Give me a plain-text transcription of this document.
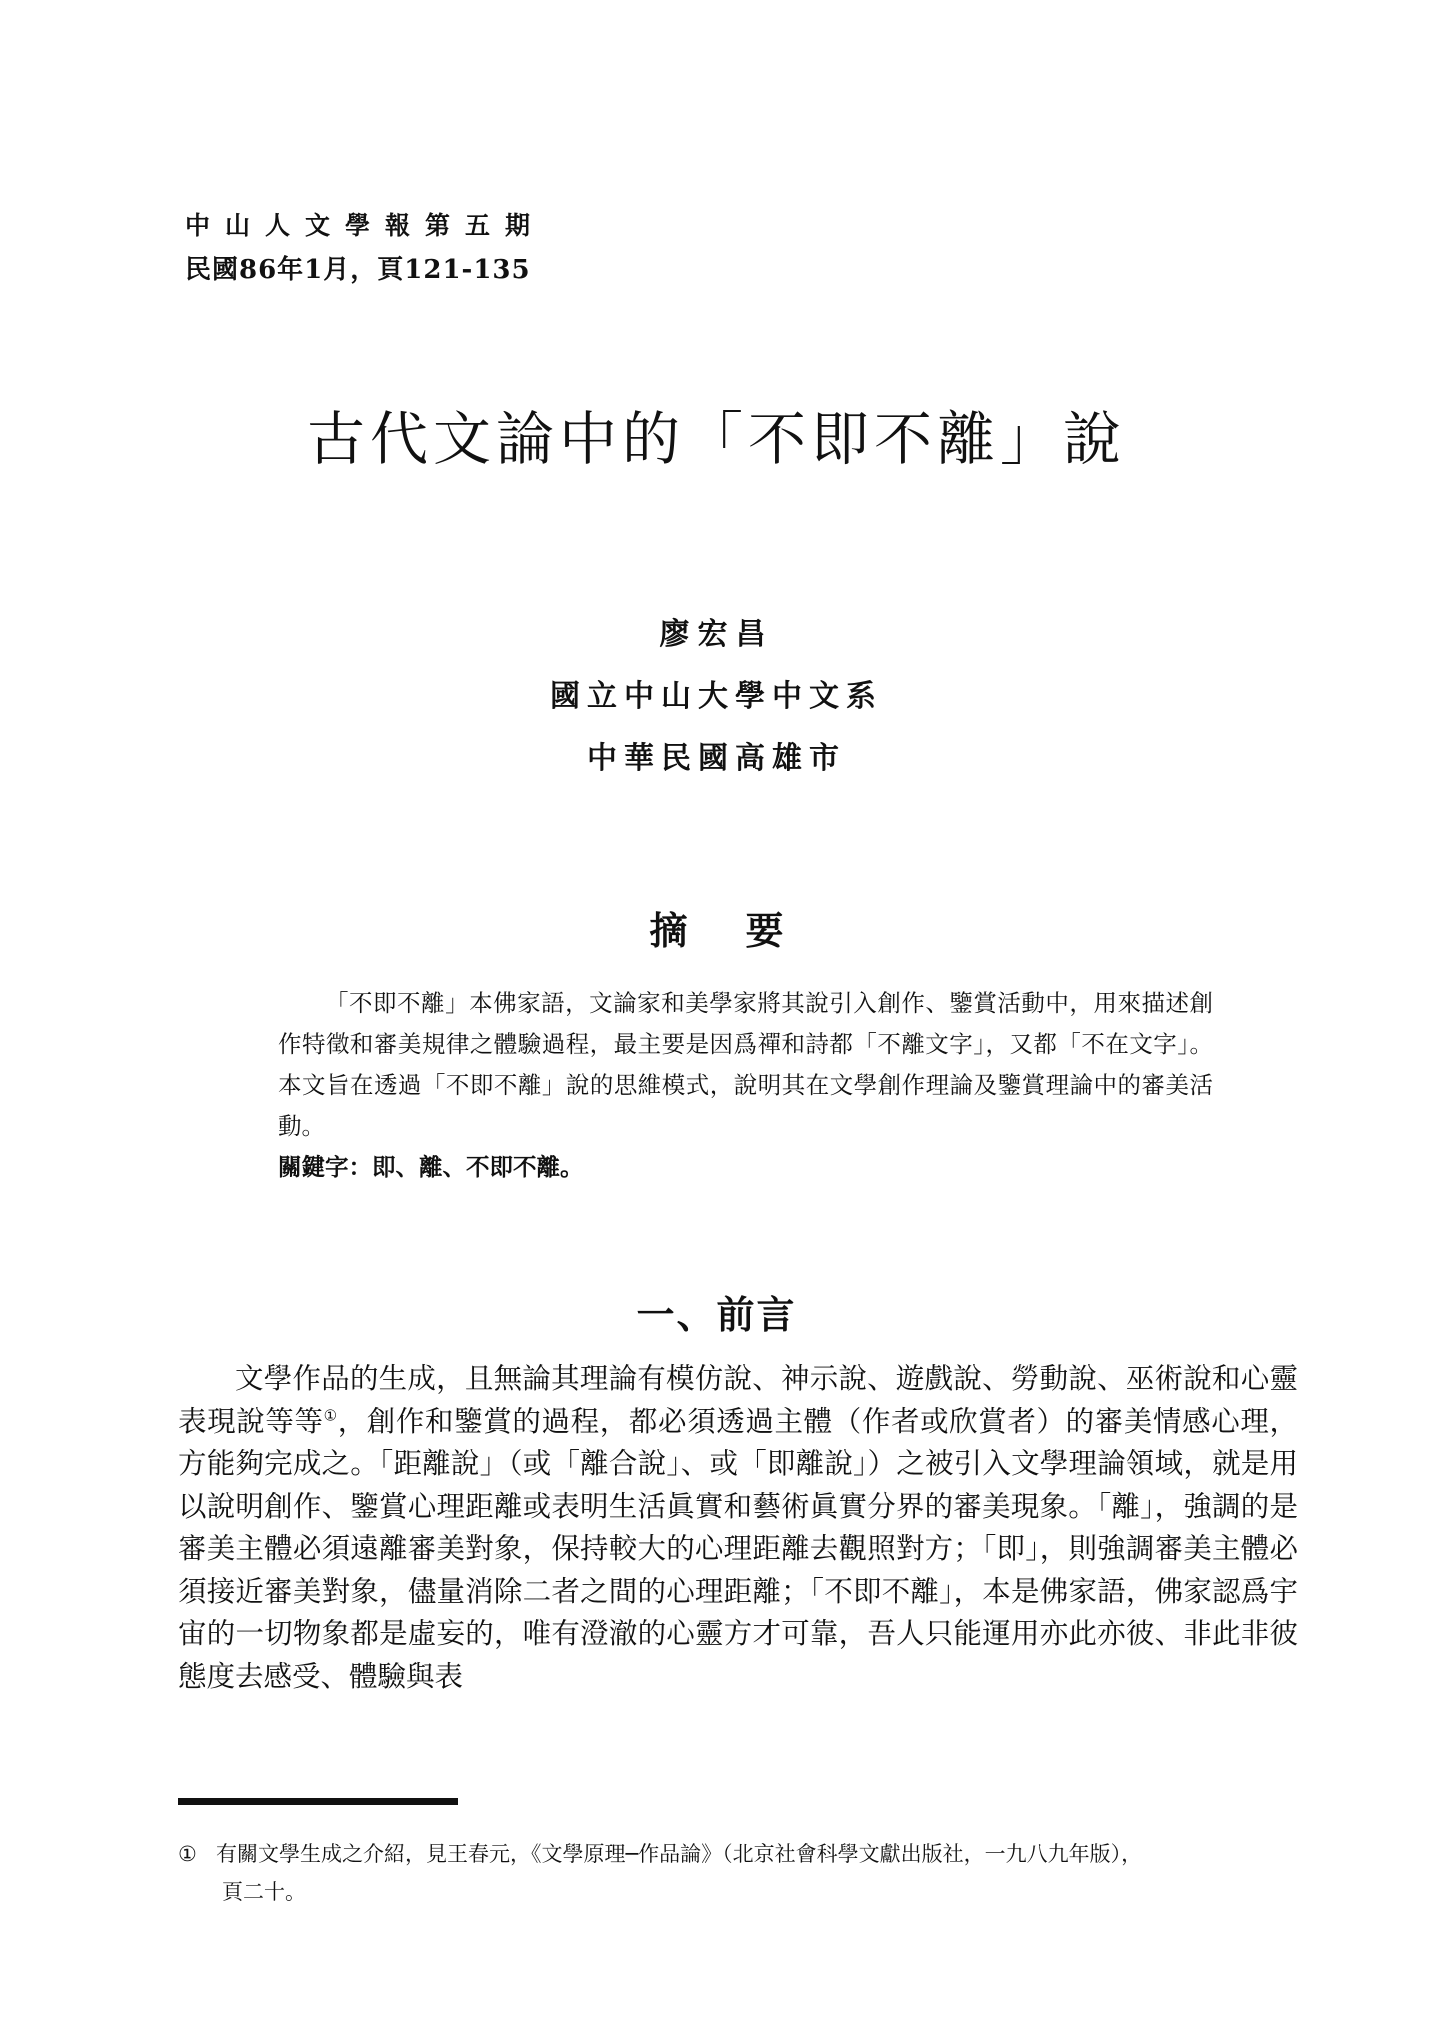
中山人文學報第五期
民國86年1月，頁121-135
古代文論中的「不即不離」說
廖宏昌
國立中山大學中文系
中華民國高雄市
摘要

「不即不離」本佛家語，文論家和美學家將其說引入創作、鑒賞活動中，用來描述創作特徵和審美規律之體驗過程，最主要是因爲禪和詩都「不離文字」，又都「不在文字」。本文旨在透過「不即不離」說的思維模式，說明其在文學創作理論及鑒賞理論中的審美活動。

關鍵字：即、離、不即不離。
一、前言

文學作品的生成，且無論其理論有模仿說、神示說、遊戲說、勞動說、巫術說和心靈表現說等等①，創作和鑒賞的過程，都必須透過主體（作者或欣賞者）的審美情感心理，方能夠完成之。「距離說」（或「離合說」、或「即離說」）之被引入文學理論領域，就是用以說明創作、鑒賞心理距離或表明生活眞實和藝術眞實分界的審美現象。「離」，強調的是審美主體必須遠離審美對象，保持較大的心理距離去觀照對方；「即」，則強調審美主體必須接近審美對象，儘量消除二者之間的心理距離；「不即不離」，本是佛家語，佛家認爲宇宙的一切物象都是虛妄的，唯有澄澈的心靈方才可靠，吾人只能運用亦此亦彼、非此非彼態度去感受、體驗與表

① 有關文學生成之介紹，見王春元，《文學原理─作品論》（北京社會科學文獻出版社，一九八九年版），
頁二十。
